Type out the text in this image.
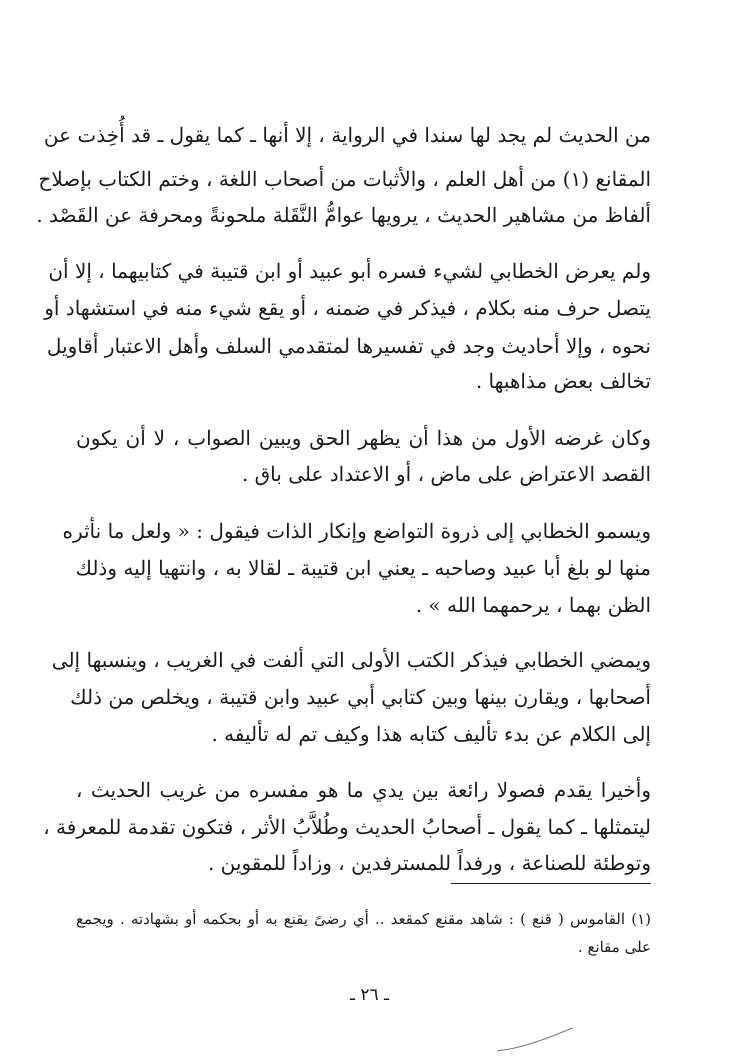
من الحديث لم يجد لها سندا في الرواية ، إلا أنها ـ كما يقول ـ قد أُخِذت عن
المقانع (١) من أهل العلم ، والأثبات من أصحاب اللغة ، وختم الكتاب بإصلاح
ألفاظ من مشاهير الحديث ، يرويها عوامُّ النَّقَلة ملحونةً ومحرفة عن القَصْد .
ولم يعرض الخطابي لشيء فسره أبو عبيد أو ابن قتيبة في كتابيهما ، إلا أن
يتصل حرف منه بكلام ، فيذكر في ضمنه ، أو يقع شيء منه في استشهاد أو
نحوه ، وإلا أحاديث وجد في تفسيرها لمتقدمي السلف وأهل الاعتبار أقاويل
تخالف بعض مذاهبها .
وكان غرضه الأول من هذا أن يظهر الحق ويبين الصواب ، لا أن يكون
القصد الاعتراض على ماض ، أو الاعتداد على باق .
ويسمو الخطابي إلى ذروة التواضع وإنكار الذات فيقول : « ولعل ما نأثره
منها لو بلغ أبا عبيد وصاحبه ـ يعني ابن قتيبة ـ لقالا به ، وانتهيا إليه وذلك
الظن بهما ، يرحمهما الله » .
ويمضي الخطابي فيذكر الكتب الأولى التي ألفت في الغريب ، وينسبها إلى
أصحابها ، ويقارن بينها وبين كتابي أبي عبيد وابن قتيبة ، ويخلص من ذلك
إلى الكلام عن بدء تأليف كتابه هذا وكيف تم له تأليفه .
وأخيرا يقدم فصولا رائعة بين يدي ما هو مفسره من غريب الحديث ،
ليتمثلها ـ كما يقول ـ أصحابُ الحديث وطُلاَّبُ الأثر ، فتكون تقدمة للمعرفة ،
وتوطئة للصناعة ، ورفداً للمسترفدين ، وزاداً للمقوين .
(١) القاموس ( قنع ) : شاهد مقنع كمقعد .. أي رضىً يقنع به أو بحكمه أو بشهادته . ويجمع
على مقانع .
ـ ٢٦ ـ
